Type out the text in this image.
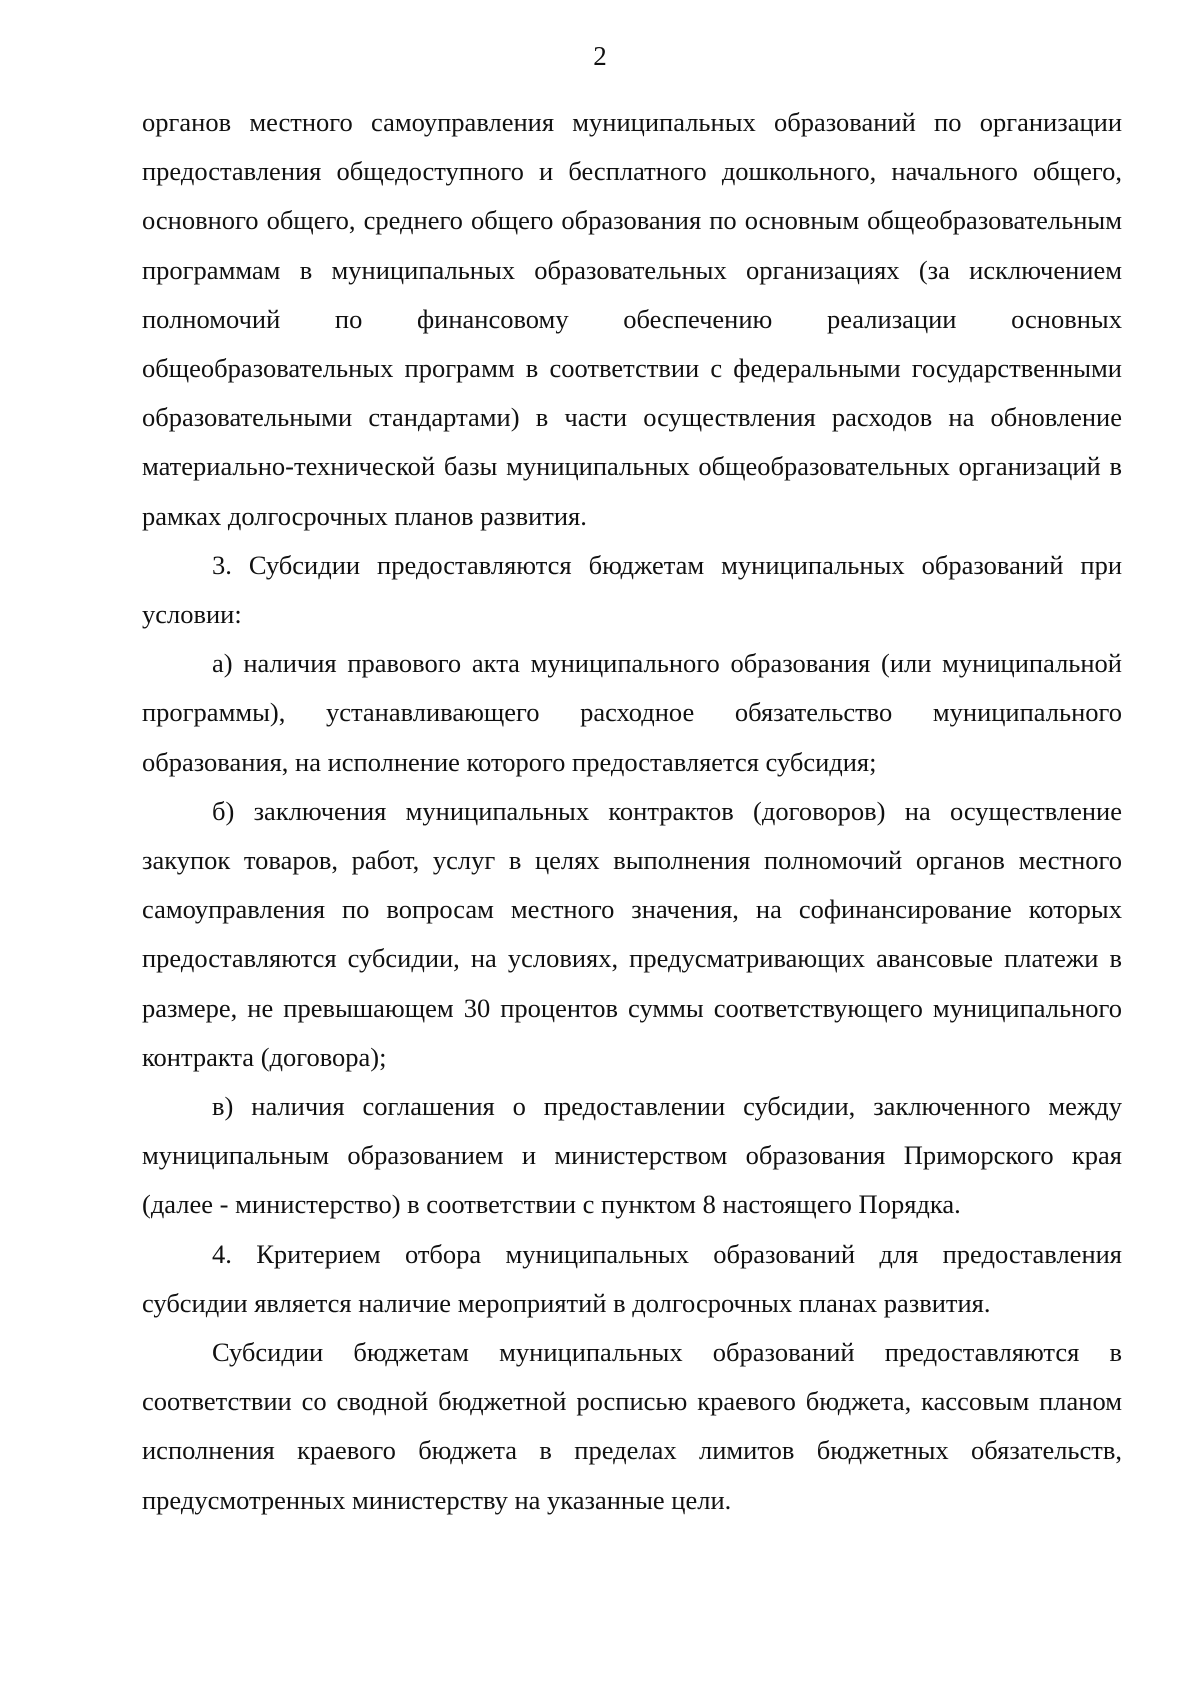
2

органов местного самоуправления муниципальных образований по организации предоставления общедоступного и бесплатного дошкольного, начального общего, основного общего, среднего общего образования по основным общеобразовательным программам в муниципальных образовательных организациях (за исключением полномочий по финансовому обеспечению реализации основных общеобразовательных программ в соответствии с федеральными государственными образовательными стандартами) в части осуществления расходов на обновление материально-технической базы муниципальных общеобразовательных организаций в рамках долгосрочных планов развития.

3. Субсидии предоставляются бюджетам муниципальных образований при условии:

а) наличия правового акта муниципального образования (или муниципальной программы), устанавливающего расходное обязательство муниципального образования, на исполнение которого предоставляется субсидия;

б) заключения муниципальных контрактов (договоров) на осуществление закупок товаров, работ, услуг в целях выполнения полномочий органов местного самоуправления по вопросам местного значения, на софинансирование которых предоставляются субсидии, на условиях, предусматривающих авансовые платежи в размере, не превышающем 30 процентов суммы соответствующего муниципального контракта (договора);

в) наличия соглашения о предоставлении субсидии, заключенного между муниципальным образованием и министерством образования Приморского края (далее - министерство) в соответствии с пунктом 8 настоящего Порядка.

4. Критерием отбора муниципальных образований для предоставления субсидии является наличие мероприятий в долгосрочных планах развития.

Субсидии бюджетам муниципальных образований предоставляются в соответствии со сводной бюджетной росписью краевого бюджета, кассовым планом исполнения краевого бюджета в пределах лимитов бюджетных обязательств, предусмотренных министерству на указанные цели.
